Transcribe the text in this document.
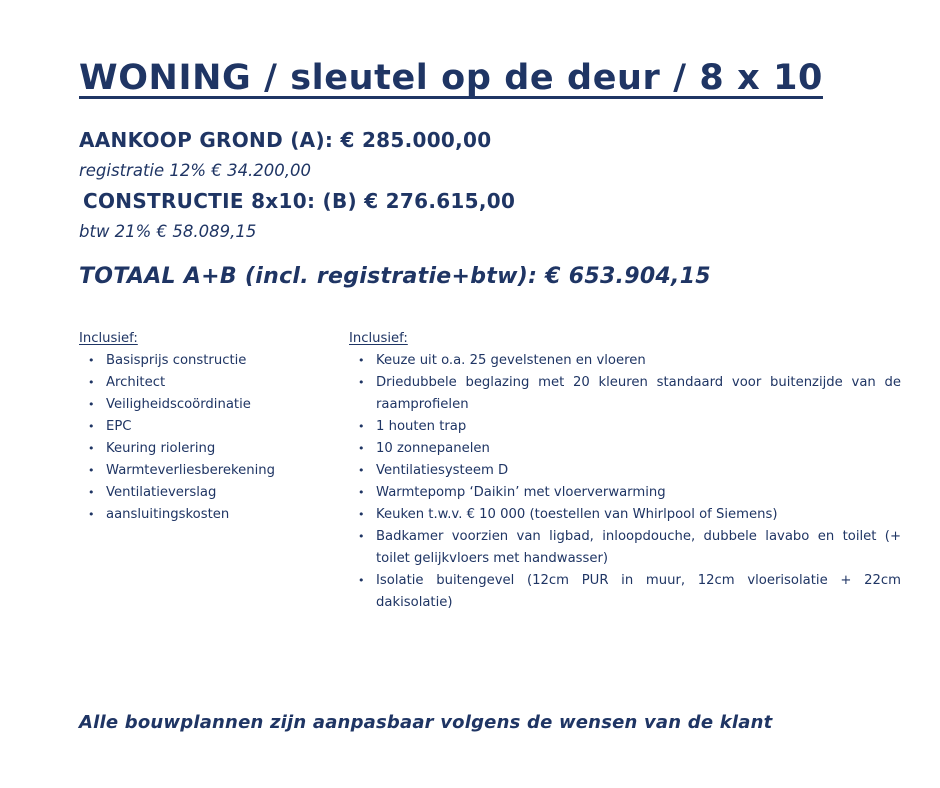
WONING / sleutel op de deur / 8 x 10
AANKOOP GROND (A): € 285.000,00
registratie 12% € 34.200,00
CONSTRUCTIE 8x10: (B) € 276.615,00
btw 21% € 58.089,15
TOTAAL A+B (incl. registratie+btw): € 653.904,15
Inclusief:
• Basisprijs constructie
• Architect
• Veiligheidscoördinatie
• EPC
• Keuring riolering
• Warmteverliesberekening
• Ventilatieverslag
• aansluitingskosten
Inclusief:
• Keuze uit o.a. 25 gevelstenen en vloeren
• Driedubbele beglazing met 20 kleuren standaard voor buitenzijde van de raamprofielen
• 1 houten trap
• 10 zonnepanelen
• Ventilatiesysteem D
• Warmtepomp ‘Daikin’ met vloerverwarming
• Keuken t.w.v. € 10 000 (toestellen van Whirlpool of Siemens)
• Badkamer voorzien van ligbad, inloopdouche, dubbele lavabo en toilet (+ toilet gelijkvloers met handwasser)
• Isolatie buitengevel (12cm PUR in muur, 12cm vloerisolatie + 22cm dakisolatie)
Alle bouwplannen zijn aanpasbaar volgens de wensen van de klant
